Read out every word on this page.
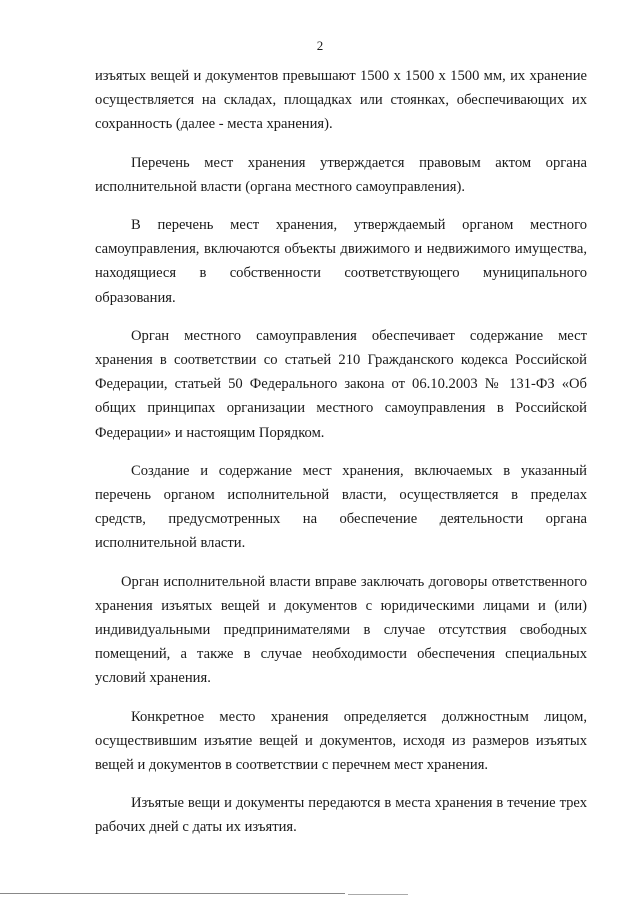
2

изъятых вещей и документов превышают 1500 х 1500 х 1500 мм, их хранение осуществляется на складах, площадках или стоянках, обеспечивающих их сохранность (далее - места хранения).

Перечень мест хранения утверждается правовым актом органа исполнительной власти (органа местного самоуправления).

В перечень мест хранения, утверждаемый органом местного самоуправления, включаются объекты движимого и недвижимого имущества, находящиеся в собственности соответствующего муниципального образования.

Орган местного самоуправления обеспечивает содержание мест хранения в соответствии со статьей 210 Гражданского кодекса Российской Федерации, статьей 50 Федерального закона от 06.10.2003 № 131-ФЗ «Об общих принципах организации местного самоуправления в Российской Федерации» и настоящим Порядком.

Создание и содержание мест хранения, включаемых в указанный перечень органом исполнительной власти, осуществляется в пределах средств, предусмотренных на обеспечение деятельности органа исполнительной власти.

Орган исполнительной власти вправе заключать договоры ответственного хранения изъятых вещей и документов с юридическими лицами и (или) индивидуальными предпринимателями в случае отсутствия свободных помещений, а также в случае необходимости обеспечения специальных условий хранения.

Конкретное место хранения определяется должностным лицом, осуществившим изъятие вещей и документов, исходя из размеров изъятых вещей и документов в соответствии с перечнем мест хранения.

Изъятые вещи и документы передаются в места хранения в течение трех рабочих дней с даты их изъятия.
